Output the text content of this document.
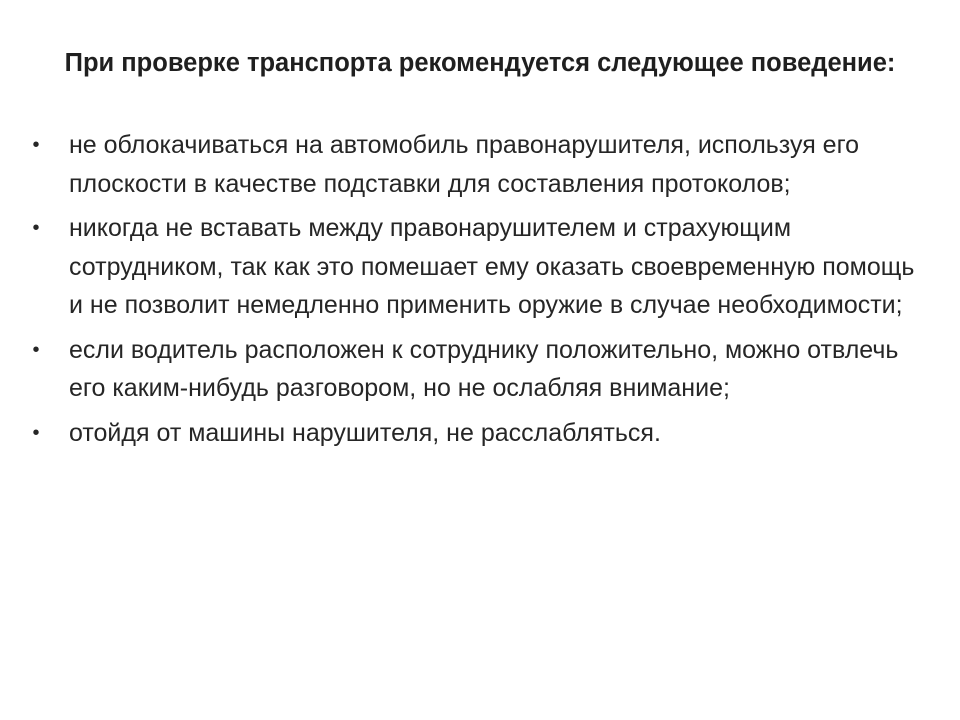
При проверке транспорта рекомендуется следующее поведение:
• не облокачиваться на автомобиль правонарушителя, используя его плоскости в качестве подставки для составления протоколов;
• никогда не вставать между правонарушителем и страхующим сотрудником, так как это помешает ему оказать своевременную помощь и не позволит немедленно применить оружие в случае необходимости;
• если водитель расположен к сотруднику положительно, можно отвлечь его каким-нибудь разговором, но не ослабляя внимание;
• отойдя от машины нарушителя, не расслабляться.
